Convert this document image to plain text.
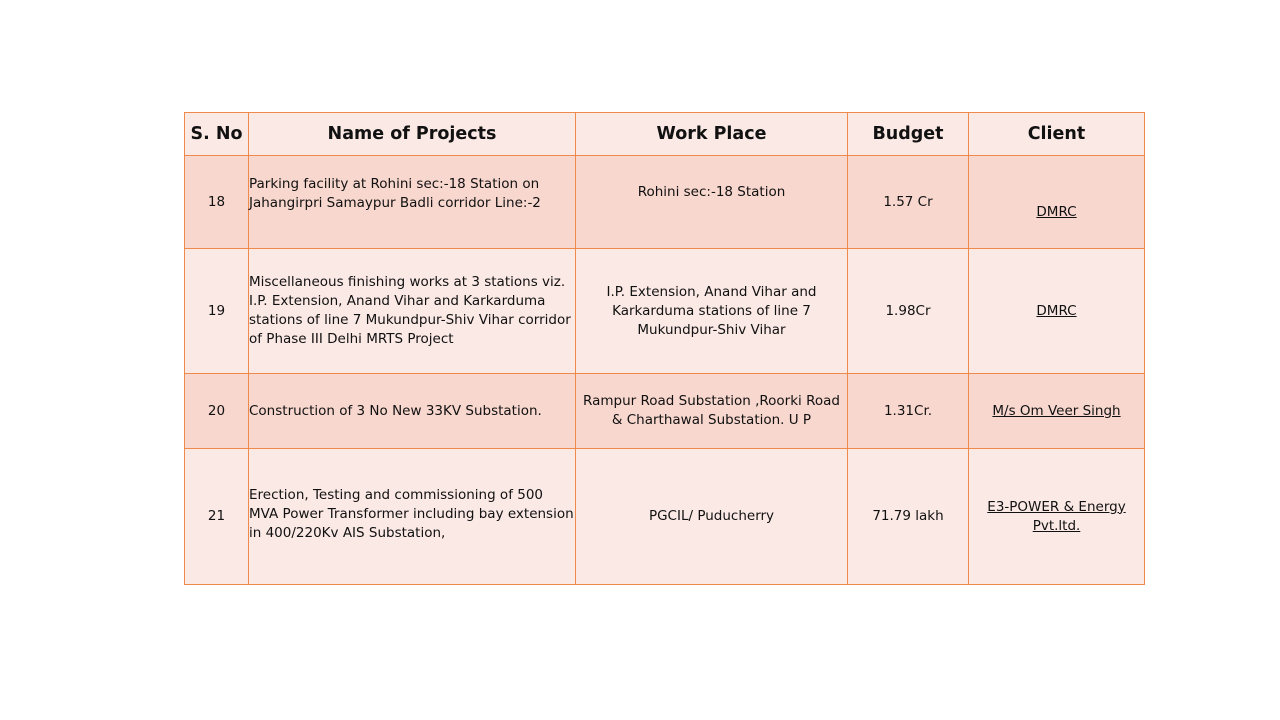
S. No	Name of Projects	Work Place	Budget	Client
18	Parking facility at Rohini sec:-18 Station on Jahangirpri Samaypur Badli corridor Line:-2	Rohini sec:-18 Station	1.57 Cr	DMRC
19	Miscellaneous finishing works at 3 stations viz. I.P. Extension, Anand Vihar and Karkarduma stations of line 7 Mukundpur-Shiv Vihar corridor of Phase III Delhi MRTS Project	I.P. Extension, Anand Vihar and Karkarduma stations of line 7 Mukundpur-Shiv Vihar	1.98Cr	DMRC
20	Construction of 3 No New 33KV Substation.	Rampur Road Substation ,Roorki Road & Charthawal Substation. U P	1.31Cr.	M/s Om Veer Singh
21	Erection, Testing and commissioning of 500 MVA Power Transformer including bay extension in 400/220Kv AIS Substation,	PGCIL/ Puducherry	71.79 lakh	E3-POWER & Energy Pvt.ltd.
